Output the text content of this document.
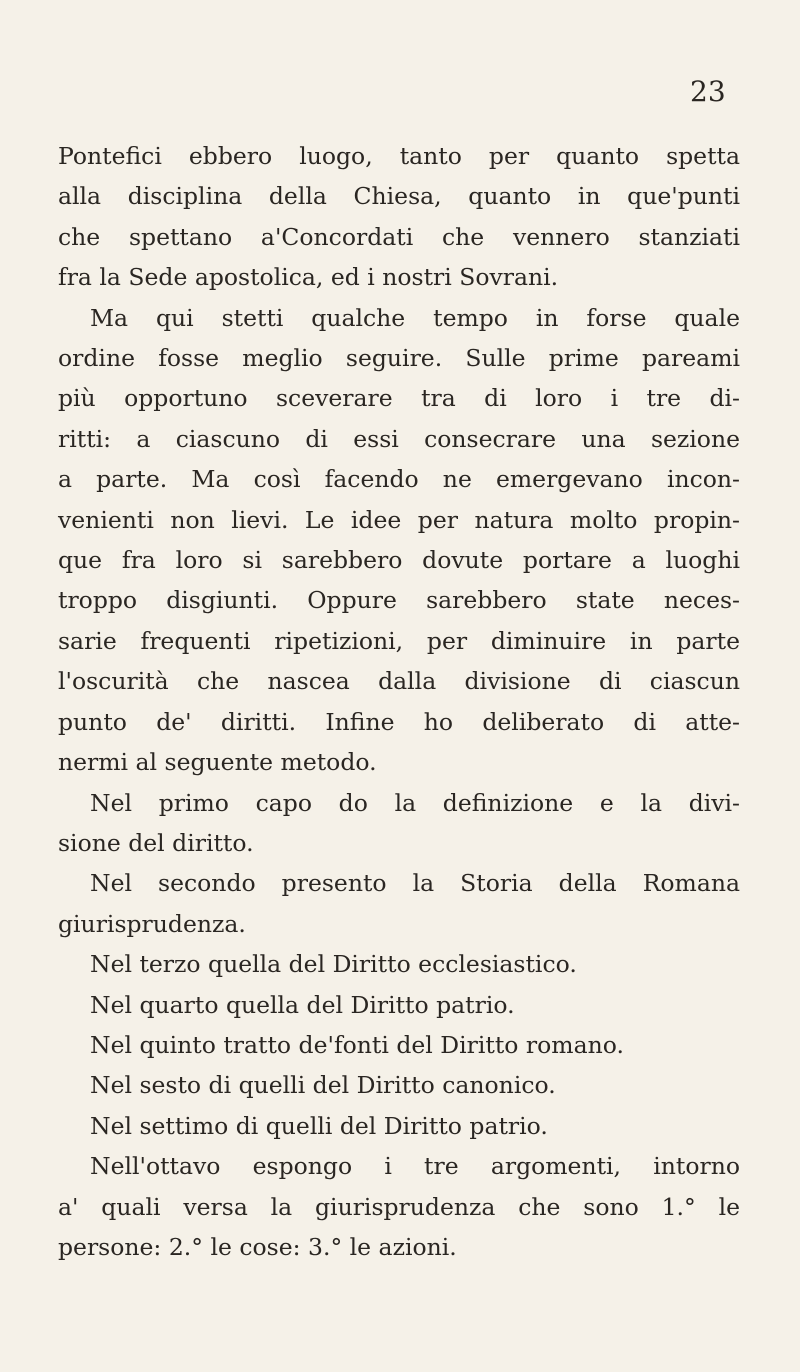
23
Pontefici ebbero luogo, tanto per quanto spetta
alla disciplina della Chiesa, quanto in que'punti
che spettano a'Concordati che vennero stanziati
fra la Sede apostolica, ed i nostri Sovrani.
Ma qui stetti qualche tempo in forse quale
ordine fosse meglio seguire. Sulle prime pareami
più opportuno sceverare tra di loro i tre di-
ritti: a ciascuno di essi consecrare una sezione
a parte. Ma così facendo ne emergevano incon-
venienti non lievi. Le idee per natura molto propin-
que fra loro si sarebbero dovute portare a luoghi
troppo disgiunti. Oppure sarebbero state neces-
sarie frequenti ripetizioni, per diminuire in parte
l'oscurità che nascea dalla divisione di ciascun
punto de' diritti. Infine ho deliberato di atte-
nermi al seguente metodo.
Nel primo capo do la definizione e la divi-
sione del diritto.
Nel secondo presento la Storia della Romana
giurisprudenza.
Nel terzo quella del Diritto ecclesiastico.
Nel quarto quella del Diritto patrio.
Nel quinto tratto de'fonti del Diritto romano.
Nel sesto di quelli del Diritto canonico.
Nel settimo di quelli del Diritto patrio.
Nell'ottavo espongo i tre argomenti, intorno
a' quali versa la giurisprudenza che sono 1.° le
persone: 2.° le cose: 3.° le azioni.
